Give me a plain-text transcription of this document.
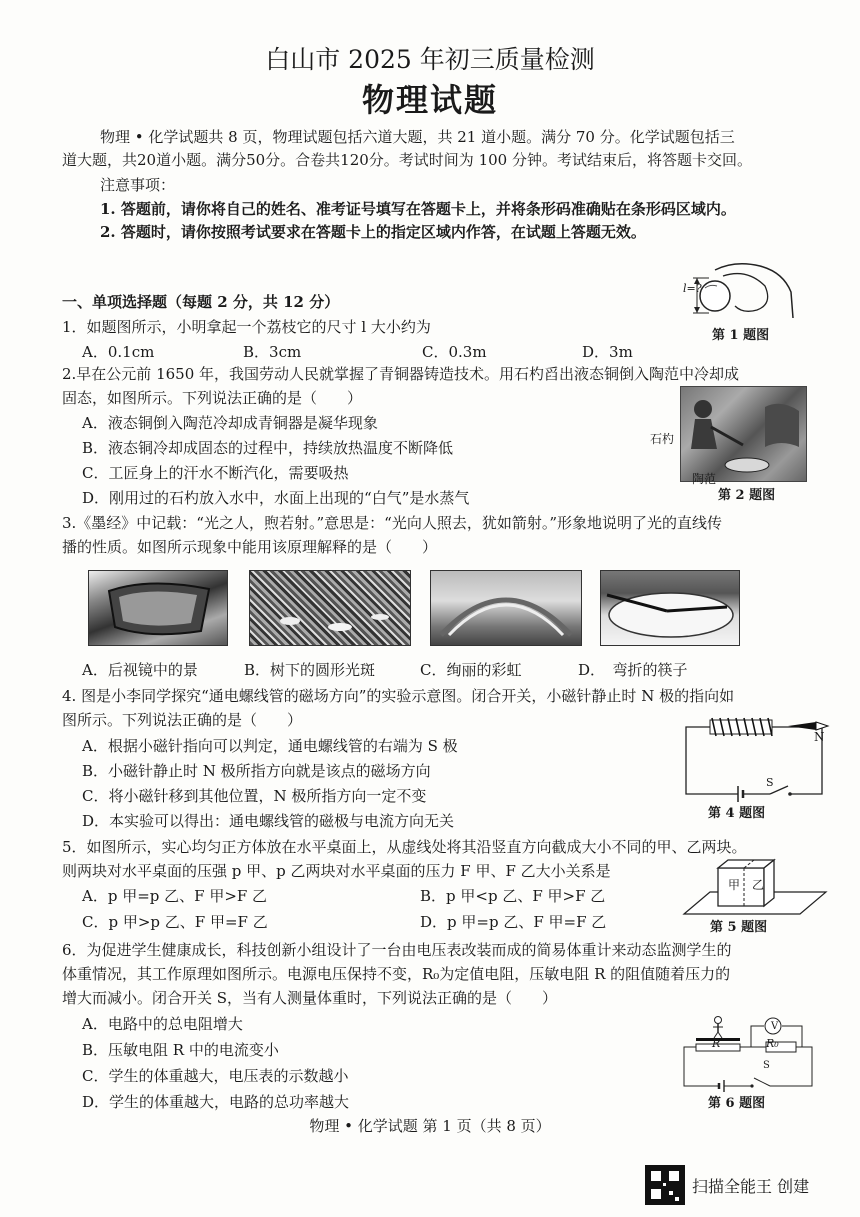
白山市 2025 年初三质量检测
物理试题
物理 • 化学试题共 8 页，物理试题包括六道大题，共 21 道小题。满分 70 分。化学试题包括三
道大题，共20道小题。满分50分。合卷共120分。考试时间为 100 分钟。考试结束后，将答题卡交回。
注意事项：
1. 答题前，请你将自己的姓名、准考证号填写在答题卡上，并将条形码准确贴在条形码区域内。
2. 答题时，请你按照考试要求在答题卡上的指定区域内作答，在试题上答题无效。
l=?
第 1 题图
一、单项选择题（每题 2 分，共 12 分）
1．如题图所示，小明拿起一个荔枝它的尺寸 l 大小约为
A．0.1cm	B．3cm	C．0.3m	D．3m
2.早在公元前 1650 年，我国劳动人民就掌握了青铜器铸造技术。用石杓舀出液态铜倒入陶范中冷却成
固态，如图所示。下列说法正确的是（　　）
A．液态铜倒入陶范冷却成青铜器是凝华现象
B．液态铜冷却成固态的过程中，持续放热温度不断降低
C．工匠身上的汗水不断汽化，需要吸热
D．刚用过的石杓放入水中，水面上出现的“白气”是水蒸气
石杓
陶范
第 2 题图
3.《墨经》中记载：“光之人，煦若射。”意思是：“光向人照去，犹如箭射。”形象地说明了光的直线传
播的性质。如图所示现象中能用该原理解释的是（　　）
A．后视镜中的景	B．树下的圆形光斑	C．绚丽的彩虹	D．　弯折的筷子
4. 图是小李同学探究“通电螺线管的磁场方向”的实验示意图。闭合开关，小磁针静止时 N 极的指向如
图所示。下列说法正确的是（　　）
A．根据小磁针指向可以判定，通电螺线管的右端为 S 极
B．小磁针静止时 N 极所指方向就是该点的磁场方向
C．将小磁针移到其他位置，N 极所指方向一定不变
D．本实验可以得出：通电螺线管的磁极与电流方向无关
N
S
第 4 题图
5．如图所示，实心均匀正方体放在水平桌面上，从虚线处将其沿竖直方向截成大小不同的甲、乙两块。
则两块对水平桌面的压强 p 甲、p 乙两块对水平桌面的压力 F 甲、F 乙大小关系是
A．p 甲=p 乙、F 甲>F 乙	B．p 甲<p 乙、F 甲>F 乙
C．p 甲>p 乙、F 甲=F 乙	D．p 甲=p 乙、F 甲=F 乙
甲 乙
第 5 题图
6．为促进学生健康成长，科技创新小组设计了一台由电压表改装而成的简易体重计来动态监测学生的
体重情况，其工作原理如图所示。电源电压保持不变，R₀为定值电阻，压敏电阻 R 的阻值随着压力的
增大而减小。闭合开关 S，当有人测量体重时，下列说法正确的是（　　）
A．电路中的总电阻增大
B．压敏电阻 R 中的电流变小
C．学生的体重越大，电压表的示数越小
D．学生的体重越大，电路的总功率越大
V
R	R₀
S
第 6 题图
物理 • 化学试题 第 1 页（共 8 页）
扫描全能王 创建
